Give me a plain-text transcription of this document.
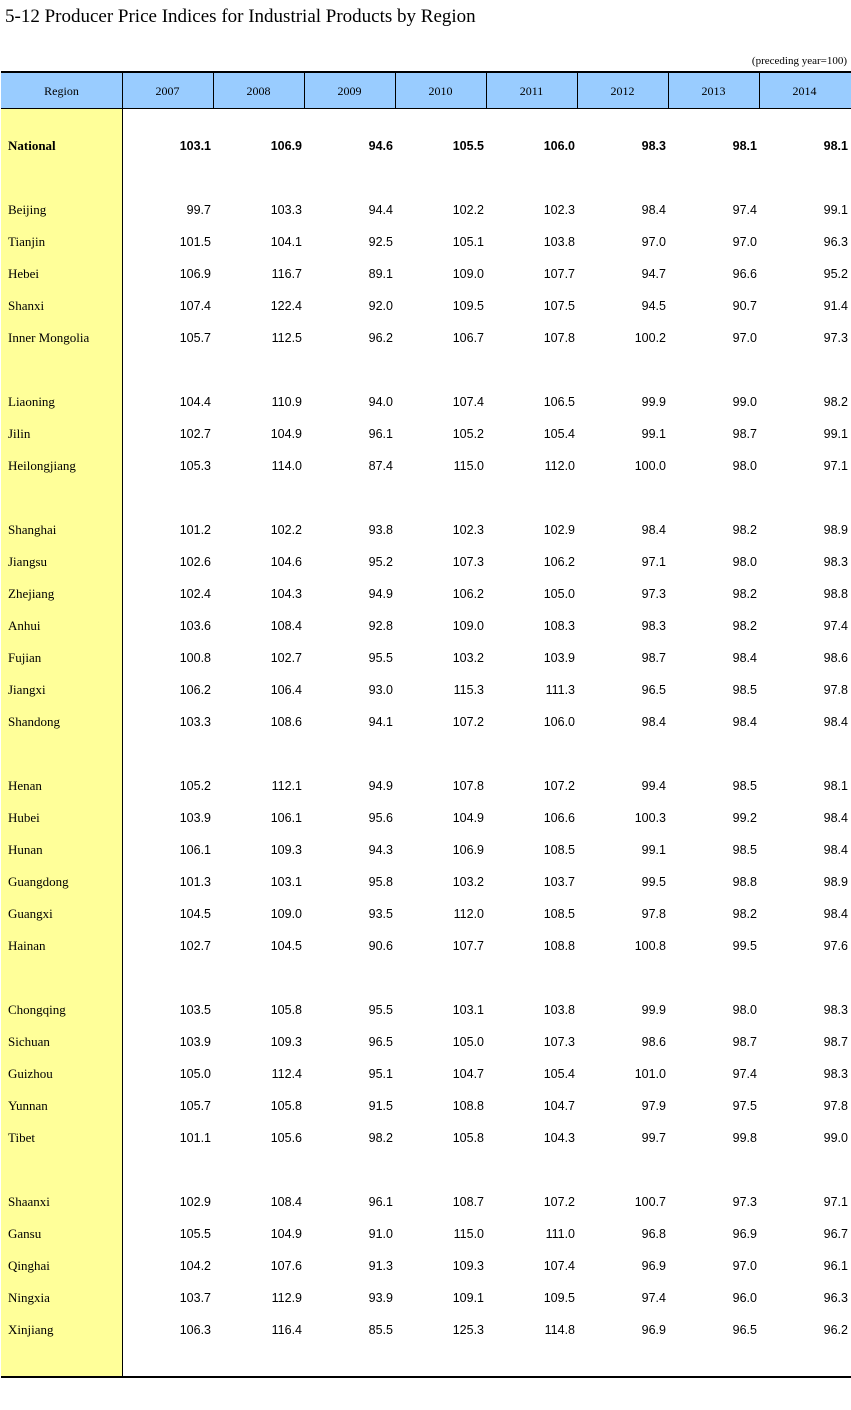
5-12 Producer Price Indices for Industrial Products by Region
(preceding year=100)
Region	2007	2008	2009	2010	2011	2012	2013	2014
National	103.1	106.9	94.6	105.5	106.0	98.3	98.1	98.1
Beijing	99.7	103.3	94.4	102.2	102.3	98.4	97.4	99.1
Tianjin	101.5	104.1	92.5	105.1	103.8	97.0	97.0	96.3
Hebei	106.9	116.7	89.1	109.0	107.7	94.7	96.6	95.2
Shanxi	107.4	122.4	92.0	109.5	107.5	94.5	90.7	91.4
Inner Mongolia	105.7	112.5	96.2	106.7	107.8	100.2	97.0	97.3
Liaoning	104.4	110.9	94.0	107.4	106.5	99.9	99.0	98.2
Jilin	102.7	104.9	96.1	105.2	105.4	99.1	98.7	99.1
Heilongjiang	105.3	114.0	87.4	115.0	112.0	100.0	98.0	97.1
Shanghai	101.2	102.2	93.8	102.3	102.9	98.4	98.2	98.9
Jiangsu	102.6	104.6	95.2	107.3	106.2	97.1	98.0	98.3
Zhejiang	102.4	104.3	94.9	106.2	105.0	97.3	98.2	98.8
Anhui	103.6	108.4	92.8	109.0	108.3	98.3	98.2	97.4
Fujian	100.8	102.7	95.5	103.2	103.9	98.7	98.4	98.6
Jiangxi	106.2	106.4	93.0	115.3	111.3	96.5	98.5	97.8
Shandong	103.3	108.6	94.1	107.2	106.0	98.4	98.4	98.4
Henan	105.2	112.1	94.9	107.8	107.2	99.4	98.5	98.1
Hubei	103.9	106.1	95.6	104.9	106.6	100.3	99.2	98.4
Hunan	106.1	109.3	94.3	106.9	108.5	99.1	98.5	98.4
Guangdong	101.3	103.1	95.8	103.2	103.7	99.5	98.8	98.9
Guangxi	104.5	109.0	93.5	112.0	108.5	97.8	98.2	98.4
Hainan	102.7	104.5	90.6	107.7	108.8	100.8	99.5	97.6
Chongqing	103.5	105.8	95.5	103.1	103.8	99.9	98.0	98.3
Sichuan	103.9	109.3	96.5	105.0	107.3	98.6	98.7	98.7
Guizhou	105.0	112.4	95.1	104.7	105.4	101.0	97.4	98.3
Yunnan	105.7	105.8	91.5	108.8	104.7	97.9	97.5	97.8
Tibet	101.1	105.6	98.2	105.8	104.3	99.7	99.8	99.0
Shaanxi	102.9	108.4	96.1	108.7	107.2	100.7	97.3	97.1
Gansu	105.5	104.9	91.0	115.0	111.0	96.8	96.9	96.7
Qinghai	104.2	107.6	91.3	109.3	107.4	96.9	97.0	96.1
Ningxia	103.7	112.9	93.9	109.1	109.5	97.4	96.0	96.3
Xinjiang	106.3	116.4	85.5	125.3	114.8	96.9	96.5	96.2
